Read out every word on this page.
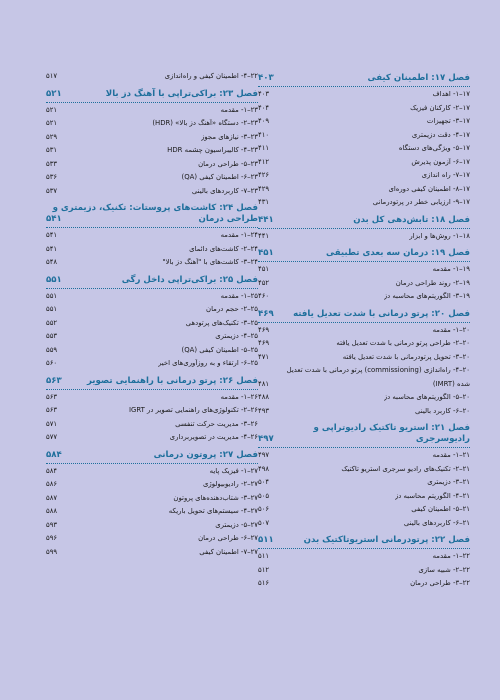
فصل ۱۷: اطمینان کیفی
۴۰۳
۱۷–۱- اهداف
۴۰۳
۱۷–۲- کارکنان فیزیک
۴۰۴
۱۷–۳- تجهیزات
۴۰۹
۱۷–۴- دقت دزیمتری
۴۱۰
۱۷–۵- ویژگی‌های دستگاه
۴۱۱
۱۷–۶- آزمون پذیرش
۴۱۲
۱۷–۷- راه اندازی
۴۲۶
۱۷–۸- اطمینان کیفی دوره‌ای
۴۲۹
۱۷–۹- ارزیابی خطر در پرتودرمانی
۴۳۱
فصل ۱۸: تابش‌دهی کل بدن
۴۴۱
۱۸–۱- روش‌ها و ابزار
۴۴۱
فصل ۱۹: درمان سه بعدی تطبیقی
۴۵۱
۱۹–۱- مقدمه
۴۵۱
۱۹–۲- روند طراحی درمان
۴۵۲
۱۹–۳- الگوریتم‌های محاسبه دز
۴۶۰
فصل ۲۰: پرتو درمانی با شدت تعدیل یافته
۴۶۹
۲۰–۱- مقدمه
۴۶۹
۲۰–۲- طراحی پرتو درمانی با شدت تعدیل یافته
۴۶۹
۲۰–۳- تحویل پرتودرمانی با شدت تعدیل یافته
۴۷۱
۲۰–۴- راه‌اندازی (commissioning) پرتو درمانی با شدت تعدیل
شده (IMRT)
۴۸۱
۲۰–۵- الگوریتم‌های محاسبه دز
۴۸۸
۲۰–۶- کاربرد بالینی
۴۹۳
فصل ۲۱: استریو تاکتیک رادیوتراپی و رادیوسرجری
۴۹۷
۲۱–۱- مقدمه
۴۹۷
۲۱–۲- تکنیک‌های رادیو سرجری استریو تاکتیک
۴۹۸
۲۱–۳- دزیمتری
۵۰۴
۲۱–۴- الگوریتم محاسبه دز
۵۰۵
۲۱–۵- اطمینان کیفی
۵۰۶
۲۱–۶- کاربردهای بالینی
۵۰۷
فصل ۲۲: پرتودرمانی استریوتاکتیک بدن
۵۱۱
۲۲–۱- مقدمه
۵۱۱
۲۲–۲- شبیه سازی
۵۱۲
۲۲–۳- طراحی درمان
۵۱۶
۲۲–۴- اطمینان کیفی و راه‌اندازی
۵۱۷
فصل ۲۳: براکی‌تراپی با آهنگ دز بالا
۵۲۱
۲۳–۱- مقدمه
۵۲۱
۲۳–۲- دستگاه «آهنگ دز بالا» (HDR)
۵۲۱
۲۳–۳- نیازهای مجوز
۵۲۹
۲۳–۴- کالیبراسیون چشمه HDR
۵۳۱
۲۳–۵- طراحی درمان
۵۳۳
۲۳–۶- اطمینان کیفی (QA)
۵۳۶
۲۳–۷- کاربردهای بالینی
۵۳۷
فصل ۲۴: کاشت‌های پروستات: تکنیک، دزیمتری و
طراحی درمان
۵۴۱
۲۴–۱- مقدمه
۵۴۱
۲۴–۲- کاشت‌های دائمای
۵۴۱
۲۴–۳- کاشت‌های با "آهنگ دز بالا"
۵۴۸
فصل ۲۵: براکی‌تراپی داخل رگی
۵۵۱
۲۵–۱- مقدمه
۵۵۱
۲۵–۲- حجم درمان
۵۵۱
۲۵–۳- تکنیک‌های پرتودهی
۵۵۲
۲۵–۴- دزیمتری
۵۵۳
۲۵–۵- اطمینان کیفی (QA)
۵۵۹
۲۵–۶- ارتقاء و به روزآوری‌های اخیر
۵۶۰
فصل ۲۶: پرتو درمانی با راهنمایی تصویر
۵۶۳
۲۶–۱- مقدمه
۵۶۳
۲۶–۲- تکنولوژی‌های راهنمایی تصویر در IGRT
۵۶۳
۲۶–۳- مدیریت حرکت تنفسی
۵۷۱
۲۶–۴- مدیریت در تصویربرداری
۵۷۷
فصل ۲۷: پروتون درمانی
۵۸۴
۲۷–۱- فیزیک پایه
۵۸۴
۲۷–۲- رادیوبیولوژی
۵۸۶
۲۷–۳- شتاب‌دهنده‌های پروتون
۵۸۷
۲۷–۴- سیستم‌های تحویل باریکه
۵۸۸
۲۷–۵- دزیمتری
۵۹۳
۲۷–۶- طراحی درمان
۵۹۶
۲۷–۷- اطمینان کیفی
۵۹۹
